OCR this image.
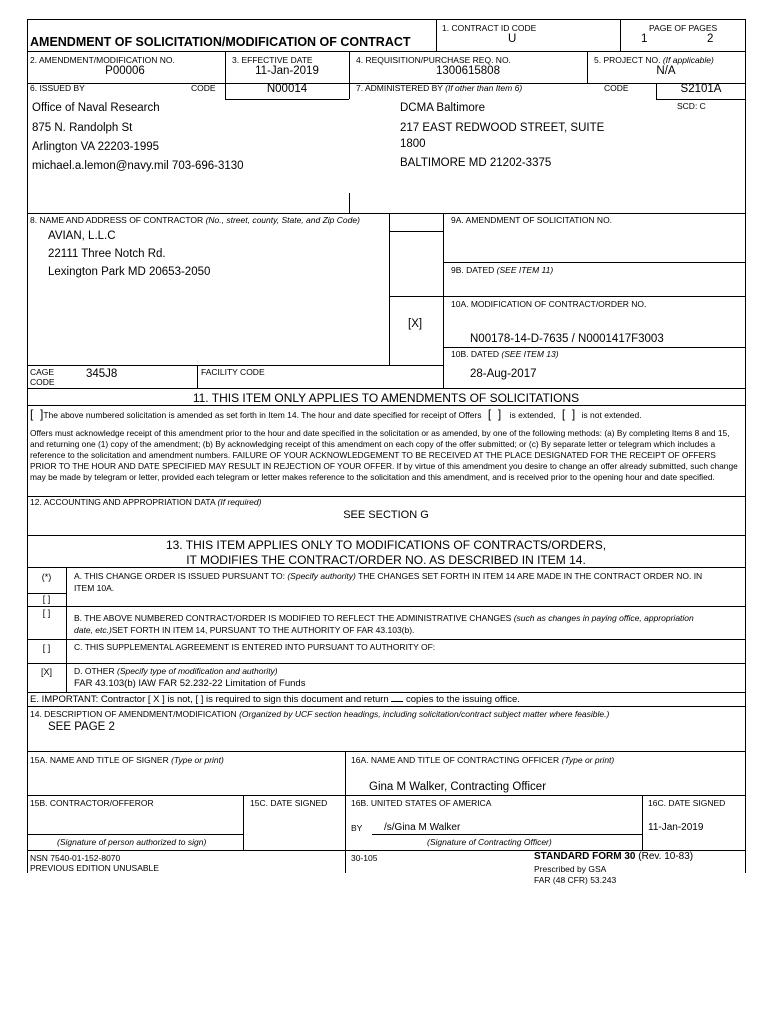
1. CONTRACT ID CODE
U
PAGE OF PAGES
1	2
AMENDMENT OF SOLICITATION/MODIFICATION OF CONTRACT
2. AMENDMENT/MODIFICATION NO.
P00006
3. EFFECTIVE DATE
11-Jan-2019
4. REQUISITION/PURCHASE REQ. NO.
1300615808
5. PROJECT NO. (If applicable)
N/A
6. ISSUED BY	CODE	N00014	7. ADMINISTERED BY (If other than Item 6)	CODE	S2101A
SCD: C
Office of Naval Research
875 N. Randolph St
Arlington VA 22203-1995
michael.a.lemon@navy.mil 703-696-3130
DCMA Baltimore
217 EAST REDWOOD STREET, SUITE
1800
BALTIMORE MD 21202-3375
8. NAME AND ADDRESS OF CONTRACTOR (No., street, county, State, and Zip Code)
AVIAN, L.L.C
22111 Three Notch Rd.
Lexington Park MD 20653-2050
9A. AMENDMENT OF SOLICITATION NO.
9B. DATED (SEE ITEM 11)
10A. MODIFICATION OF CONTRACT/ORDER NO.
[X]
N00178-14-D-7635 / N0001417F3003
10B. DATED (SEE ITEM 13)
28-Aug-2017
CAGE CODE
345J8	FACILITY CODE
11. THIS ITEM ONLY APPLIES TO AMENDMENTS OF SOLICITATIONS
[  ]The above numbered solicitation is amended as set forth in Item 14. The hour and date specified for receipt of Offers [  ] is extended, [  ] is not extended.
Offers must acknowledge receipt of this amendment prior to the hour and date specified in the solicitation or as amended, by one of the following methods: (a) By completing Items 8 and 15, and returning one (1) copy of the amendment; (b) By acknowledging receipt of this amendment on each copy of the offer submitted; or (c) By separate letter or telegram which includes a reference to the solicitation and amendment numbers. FAILURE OF YOUR ACKNOWLEDGEMENT TO BE RECEIVED AT THE PLACE DESIGNATED FOR THE RECEIPT OF OFFERS PRIOR TO THE HOUR AND DATE SPECIFIED MAY RESULT IN REJECTION OF YOUR OFFER. If by virtue of this amendment you desire to change an offer already submitted, such change may be made by telegram or letter, provided each telegram or letter makes reference to the solicitation and this amendment, and is received prior to the opening hour and date specified.
12. ACCOUNTING AND APPROPRIATION DATA (If required)
SEE SECTION G
13. THIS ITEM APPLIES ONLY TO MODIFICATIONS OF CONTRACTS/ORDERS,
IT MODIFIES THE CONTRACT/ORDER NO. AS DESCRIBED IN ITEM 14.
(*)	A. THIS CHANGE ORDER IS ISSUED PURSUANT TO: (Specify authority) THE CHANGES SET FORTH IN ITEM 14 ARE MADE IN THE CONTRACT ORDER NO. IN
ITEM 10A.
[ ]
[ ]	B. THE ABOVE NUMBERED CONTRACT/ORDER IS MODIFIED TO REFLECT THE ADMINISTRATIVE CHANGES (such as changes in paying office, appropriation
date, etc.)SET FORTH IN ITEM 14, PURSUANT TO THE AUTHORITY OF FAR 43.103(b).
[ ]	C. THIS SUPPLEMENTAL AGREEMENT IS ENTERED INTO PURSUANT TO AUTHORITY OF:
[X]	D. OTHER (Specify type of modification and authority)
FAR 43.103(b) IAW FAR 52.232-22 Limitation of Funds
E. IMPORTANT: Contractor [ X ] is not, [ ] is required to sign this document and return copies to the issuing office.
14. DESCRIPTION OF AMENDMENT/MODIFICATION (Organized by UCF section headings, including solicitation/contract subject matter where feasible.)
SEE PAGE 2
15A. NAME AND TITLE OF SIGNER (Type or print)	16A. NAME AND TITLE OF CONTRACTING OFFICER (Type or print)
Gina M Walker, Contracting Officer
15B. CONTRACTOR/OFFEROR	15C. DATE SIGNED	16B. UNITED STATES OF AMERICA	16C. DATE SIGNED
BY /s/Gina M Walker	11-Jan-2019
(Signature of person authorized to sign)	(Signature of Contracting Officer)
NSN 7540-01-152-8070
PREVIOUS EDITION UNUSABLE
30-105	STANDARD FORM 30 (Rev. 10-83)
Prescribed by GSA
FAR (48 CFR) 53.243
